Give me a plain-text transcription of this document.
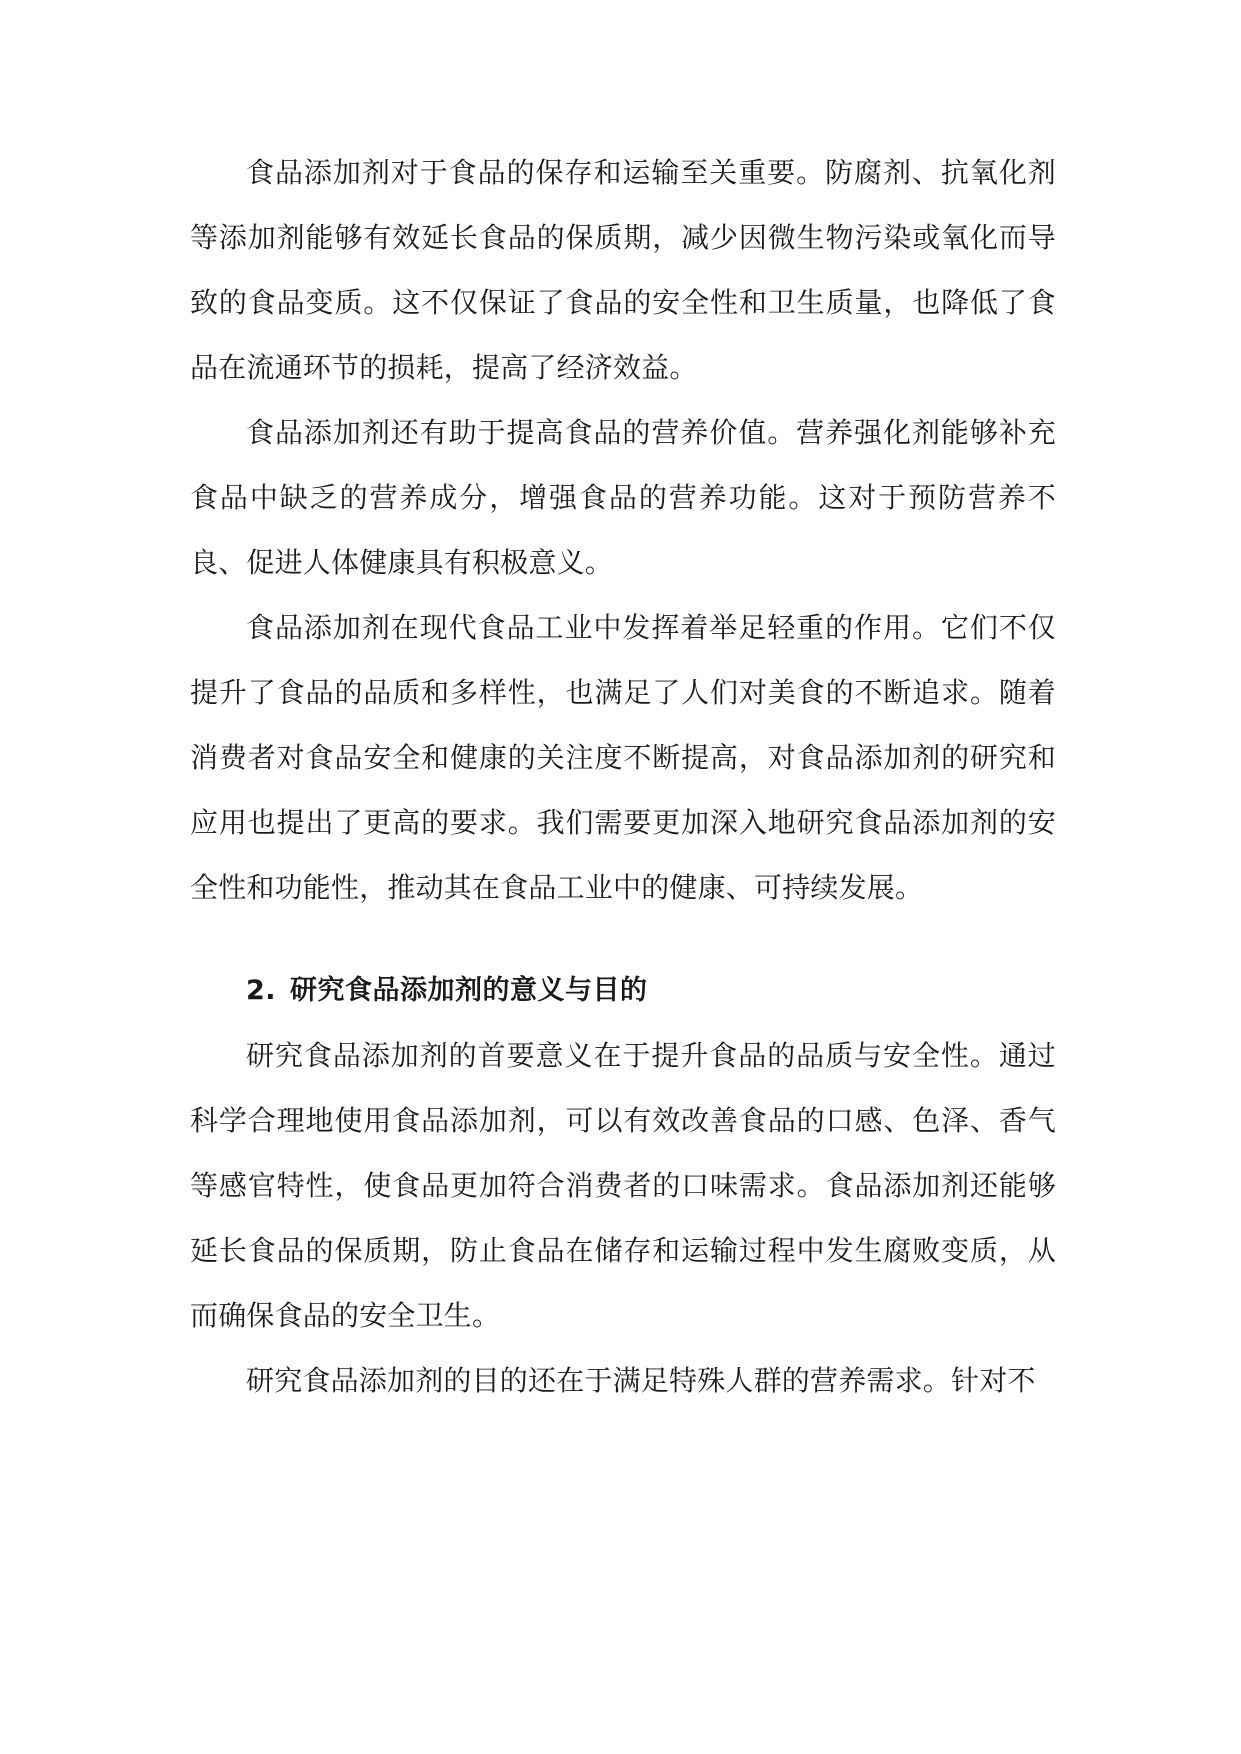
食品添加剂对于食品的保存和运输至关重要。防腐剂、抗氧化剂等添加剂能够有效延长食品的保质期，减少因微生物污染或氧化而导致的食品变质。这不仅保证了食品的安全性和卫生质量，也降低了食品在流通环节的损耗，提高了经济效益。

食品添加剂还有助于提高食品的营养价值。营养强化剂能够补充食品中缺乏的营养成分，增强食品的营养功能。这对于预防营养不良、促进人体健康具有积极意义。

食品添加剂在现代食品工业中发挥着举足轻重的作用。它们不仅提升了食品的品质和多样性，也满足了人们对美食的不断追求。随着消费者对食品安全和健康的关注度不断提高，对食品添加剂的研究和应用也提出了更高的要求。我们需要更加深入地研究食品添加剂的安全性和功能性，推动其在食品工业中的健康、可持续发展。

2. 研究食品添加剂的意义与目的

研究食品添加剂的首要意义在于提升食品的品质与安全性。通过科学合理地使用食品添加剂，可以有效改善食品的口感、色泽、香气等感官特性，使食品更加符合消费者的口味需求。食品添加剂还能够延长食品的保质期，防止食品在储存和运输过程中发生腐败变质，从而确保食品的安全卫生。

研究食品添加剂的目的还在于满足特殊人群的营养需求。针对不
